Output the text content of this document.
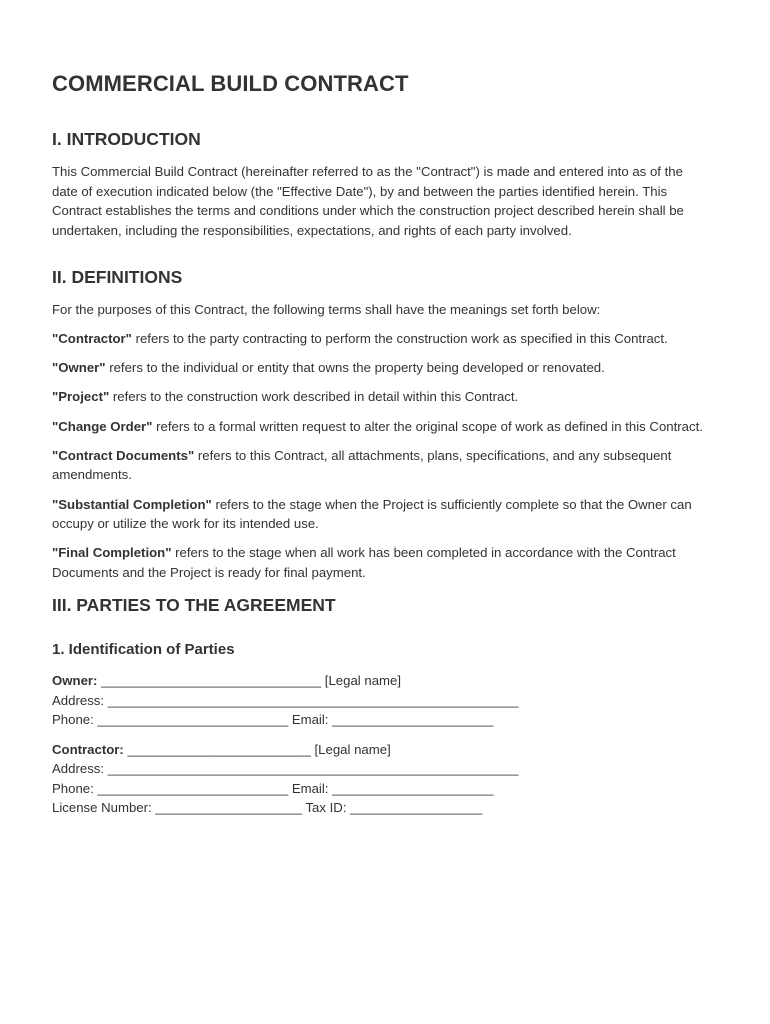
COMMERCIAL BUILD CONTRACT
I. INTRODUCTION

This Commercial Build Contract (hereinafter referred to as the "Contract") is made and entered into as of the date of execution indicated below (the "Effective Date"), by and between the parties identified herein. This Contract establishes the terms and conditions under which the construction project described herein shall be undertaken, including the responsibilities, expectations, and rights of each party involved.

II. DEFINITIONS

For the purposes of this Contract, the following terms shall have the meanings set forth below:

"Contractor" refers to the party contracting to perform the construction work as specified in this Contract.

"Owner" refers to the individual or entity that owns the property being developed or renovated.

"Project" refers to the construction work described in detail within this Contract.

"Change Order" refers to a formal written request to alter the original scope of work as defined in this Contract.

"Contract Documents" refers to this Contract, all attachments, plans, specifications, and any subsequent amendments.

"Substantial Completion" refers to the stage when the Project is sufficiently complete so that the Owner can occupy or utilize the work for its intended use.

"Final Completion" refers to the stage when all work has been completed in accordance with the Contract Documents and the Project is ready for final payment.

III. PARTIES TO THE AGREEMENT
1. Identification of Parties
Owner: ______________________________ [Legal name]
Address: ________________________________________________________
Phone: __________________________ Email: ______________________
Contractor: _________________________ [Legal name]
Address: ________________________________________________________
Phone: __________________________ Email: ______________________
License Number: ____________________ Tax ID: __________________
